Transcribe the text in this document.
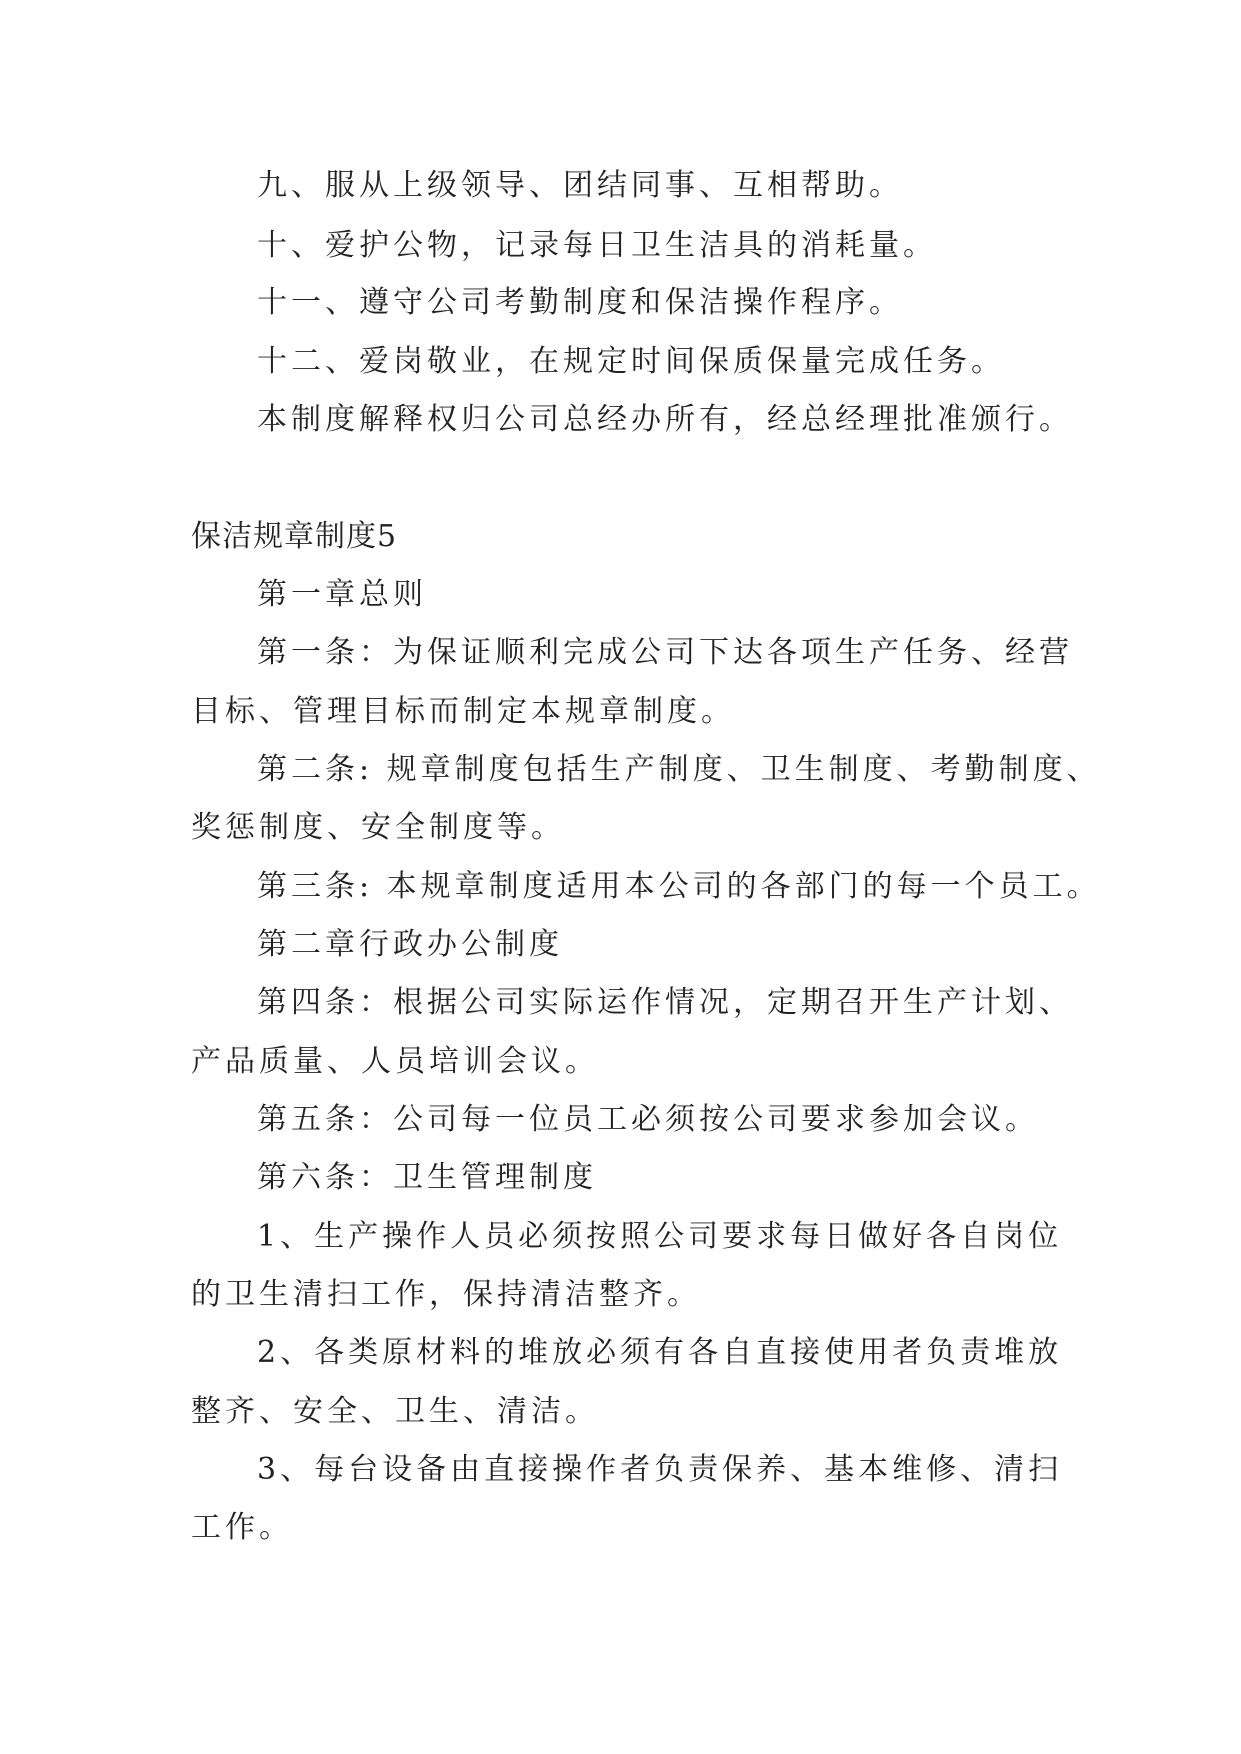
九、服从上级领导、团结同事、互相帮助。
十、爱护公物，记录每日卫生洁具的消耗量。
十一、遵守公司考勤制度和保洁操作程序。
十二、爱岗敬业，在规定时间保质保量完成任务。
本制度解释权归公司总经办所有，经总经理批准颁行。
保洁规章制度5
第一章总则
第一条：为保证顺利完成公司下达各项生产任务、经营
目标、管理目标而制定本规章制度。
第二条: 规章制度包括生产制度、卫生制度、考勤制度、
奖惩制度、安全制度等。
第三条: 本规章制度适用本公司的各部门的每一个员工。
第二章行政办公制度
第四条：根据公司实际运作情况，定期召开生产计划、
产品质量、人员培训会议。
第五条：公司每一位员工必须按公司要求参加会议。
第六条：卫生管理制度
1、生产操作人员必须按照公司要求每日做好各自岗位
的卫生清扫工作，保持清洁整齐。
2、各类原材料的堆放必须有各自直接使用者负责堆放
整齐、安全、卫生、清洁。
3、每台设备由直接操作者负责保养、基本维修、清扫
工作。
